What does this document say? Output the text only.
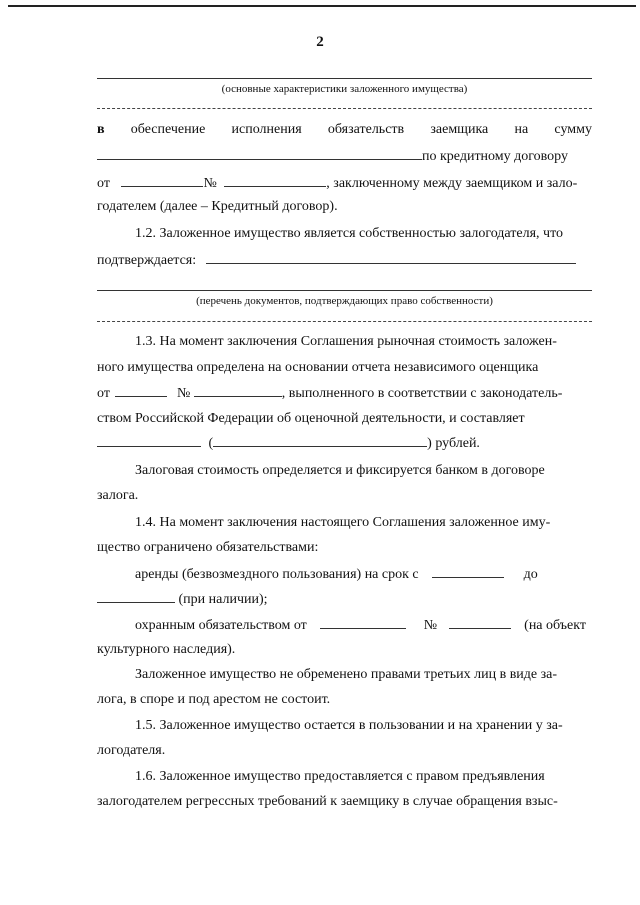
2
(основные характеристики заложенного имущества)
в обеспечение исполнения обязательств заемщика на сумму
по кредитному договору
от	№	, заключенному между заемщиком и зало-
годателем (далее – Кредитный договор).
1.2. Заложенное имущество является собственностью залогодателя, что
подтверждается:
(перечень документов, подтверждающих право собственности)
1.3. На момент заключения Соглашения рыночная стоимость заложен-
ного имущества определена на основании отчета независимого оценщика
от	№	, выполненного в соответствии с законодатель-
ством Российской Федерации об оценочной деятельности, и составляет
(	) рублей.
Залоговая стоимость определяется и фиксируется банком в договоре
залога.
1.4. На момент заключения настоящего Соглашения заложенное иму-
щество ограничено обязательствами:
аренды (безвозмездного пользования) на срок с	до
(при наличии);
охранным обязательством от	№	(на объект
культурного наследия).
Заложенное имущество не обременено правами третьих лиц в виде за-
лога, в споре и под арестом не состоит.
1.5. Заложенное имущество остается в пользовании и на хранении у за-
логодателя.
1.6. Заложенное имущество предоставляется с правом предъявления
залогодателем регрессных требований к заемщику в случае обращения взыс-
